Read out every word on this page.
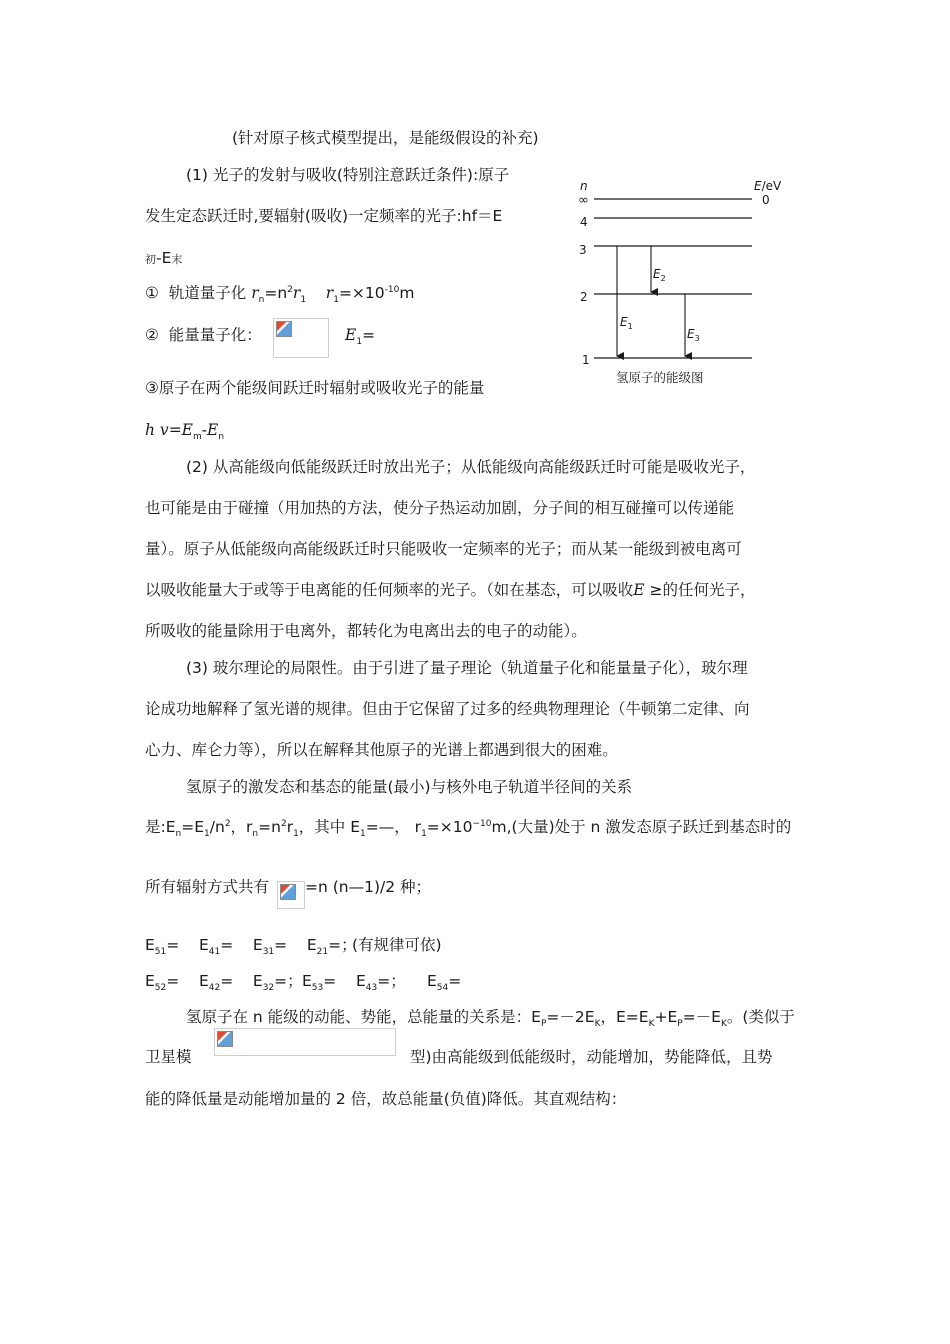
(针对原子核式模型提出，是能级假设的补充)
(1) 光子的发射与吸收(特别注意跃迁条件):原子
发生定态跃迁时,要辐射(吸收)一定频率的光子:hf＝E
初-E末
① 轨道量子化 $r_n=n^2r_1$ $r_1=\times 10^{-10}m$
② 能量量子化：	$E_1=$
③原子在两个能级间跃迁时辐射或吸收光子的能量
h $v=E_m-E_n$
(2) 从高能级向低能级跃迁时放出光子；从低能级向高能级跃迁时可能是吸收光子，
也可能是由于碰撞（用加热的方法，使分子热运动加剧，分子间的相互碰撞可以传递能
量）。原子从低能级向高能级跃迁时只能吸收一定频率的光子；而从某一能级到被电离可
以吸收能量大于或等于电离能的任何频率的光子。（如在基态，可以吸收E ≥的任何光子，
所吸收的能量除用于电离外，都转化为电离出去的电子的动能）。
(3) 玻尔理论的局限性。由于引进了量子理论（轨道量子化和能量量子化），玻尔理
论成功地解释了氢光谱的规律。但由于它保留了过多的经典物理理论（牛顿第二定律、向
心力、库仑力等），所以在解释其他原子的光谱上都遇到很大的困难。
氢原子的激发态和基态的能量(最小)与核外电子轨道半径间的关系
是$:E_n=E_1/n^2$，$r_n=n^2r_1$，其中 $E_1=—$， $r_1=\times 10^{-10}m$,(大量)处于 n 激发态原子跃迁到基态时的
所有辐射方式共有 =n (n—1)/2 种；
$E_{51}=$    $E_{41}=$    $E_{31}=$    $E_{21}=$；
(有规律可依)
$E_{52}=$    $E_{42}=$    $E_{32}=$； $E_{53}=$    $E_{43}=$； $E_{54}=$
氢原子在 n 能级的动能、势能，总能量的关系是：$E_P=-2E_K$，$E=E_K+E_P=-E_K$。(类似于
卫星模	型)由高能级到低能级时，动能增加，势能降低，且势
能的降低量是动能增加量的 2 倍，故总能量(负值)降低。其直观结构：
n	E/eV
∞	0
4
3
2
1
$E_1$
$E_2$
$E_3$
氢原子的能级图
